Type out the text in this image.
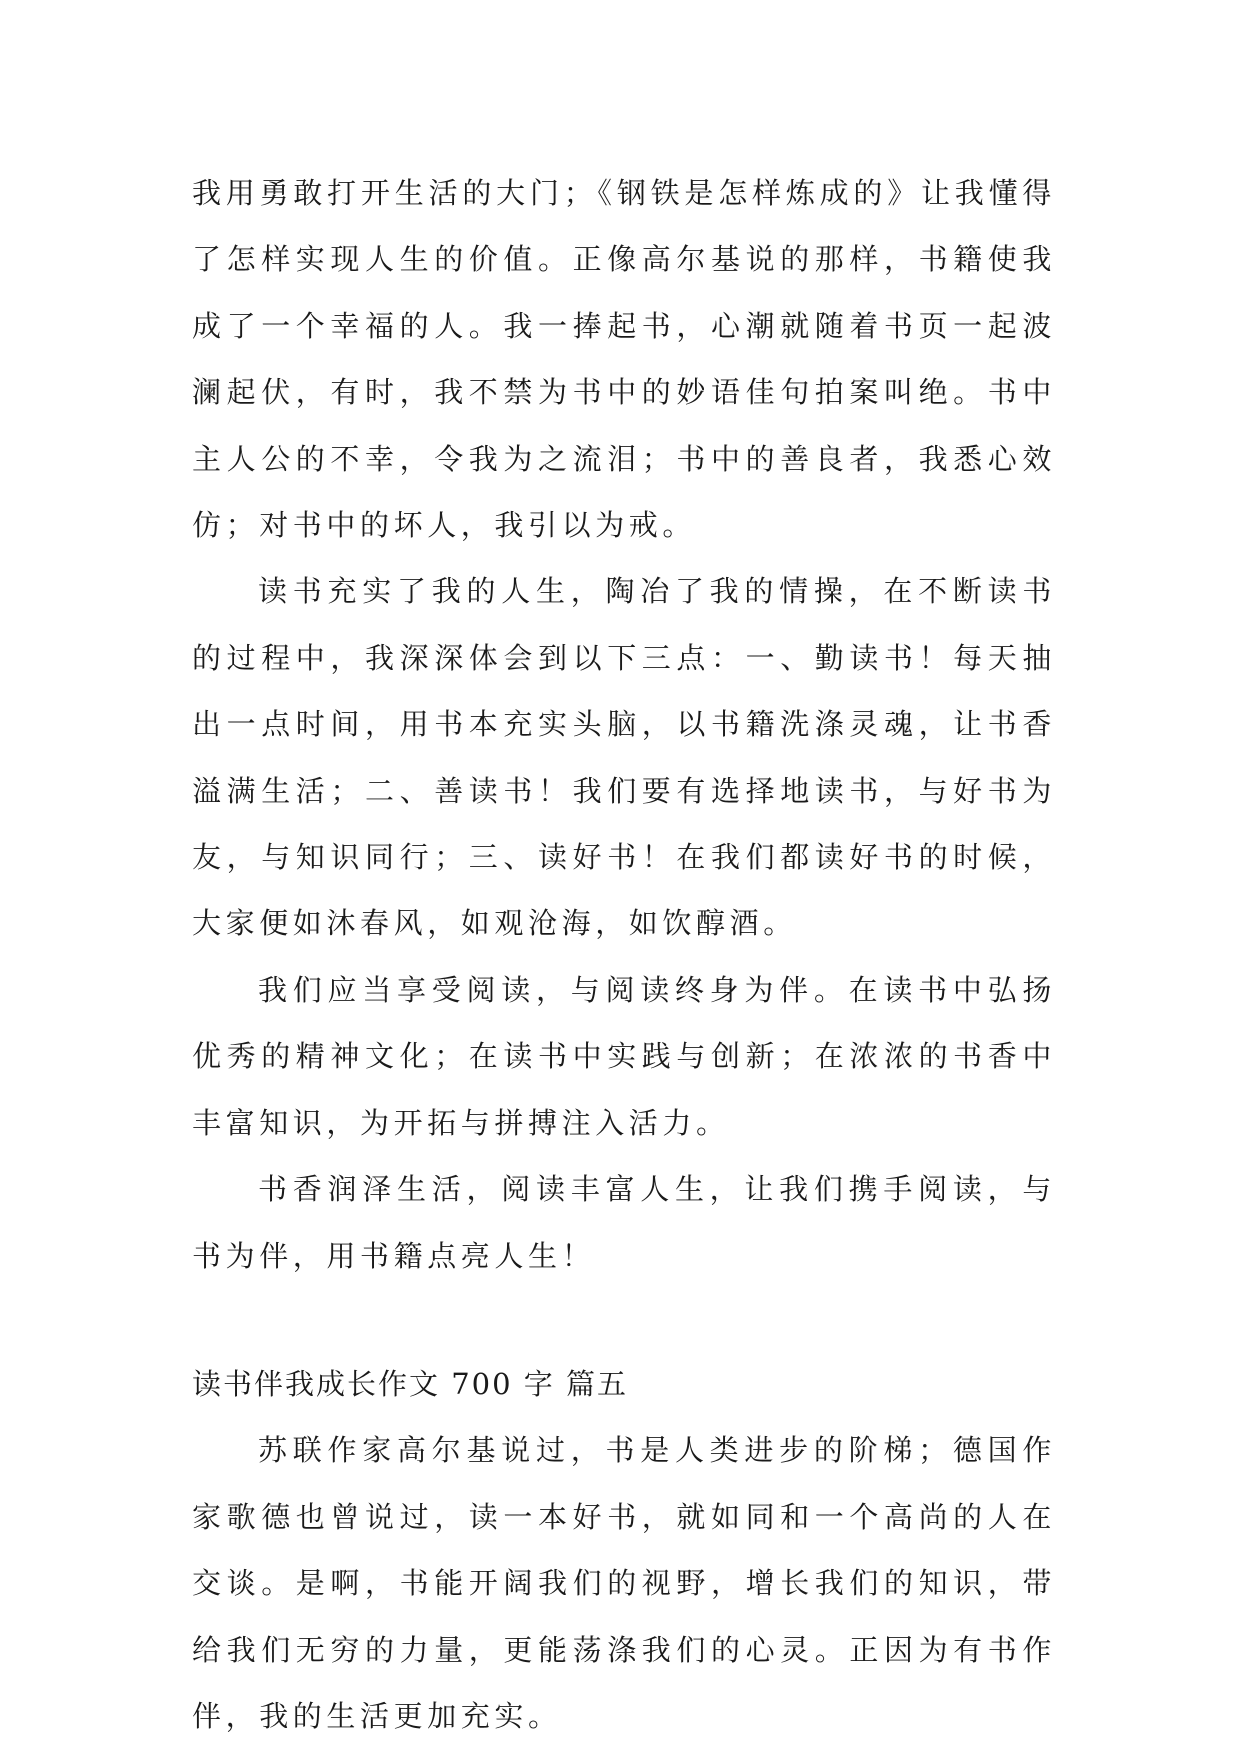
我用勇敢打开生活的大门；《钢铁是怎样炼成的》让我懂得了怎样实现人生的价值。正像高尔基说的那样，书籍使我成了一个幸福的人。我一捧起书，心潮就随着书页一起波澜起伏，有时，我不禁为书中的妙语佳句拍案叫绝。书中主人公的不幸，令我为之流泪；书中的善良者，我悉心效仿；对书中的坏人，我引以为戒。

读书充实了我的人生，陶冶了我的情操，在不断读书的过程中，我深深体会到以下三点：一、勤读书！每天抽出一点时间，用书本充实头脑，以书籍洗涤灵魂，让书香溢满生活；二、善读书！我们要有选择地读书，与好书为友，与知识同行；三、读好书！在我们都读好书的时候，大家便如沐春风，如观沧海，如饮醇酒。

我们应当享受阅读，与阅读终身为伴。在读书中弘扬优秀的精神文化；在读书中实践与创新；在浓浓的书香中丰富知识，为开拓与拼搏注入活力。

书香润泽生活，阅读丰富人生，让我们携手阅读，与书为伴，用书籍点亮人生！

读书伴我成长作文 700 字 篇五

苏联作家高尔基说过，书是人类进步的阶梯；德国作家歌德也曾说过，读一本好书，就如同和一个高尚的人在交谈。是啊，书能开阔我们的视野，增长我们的知识，带给我们无穷的力量，更能荡涤我们的心灵。正因为有书作伴，我的生活更加充实。
